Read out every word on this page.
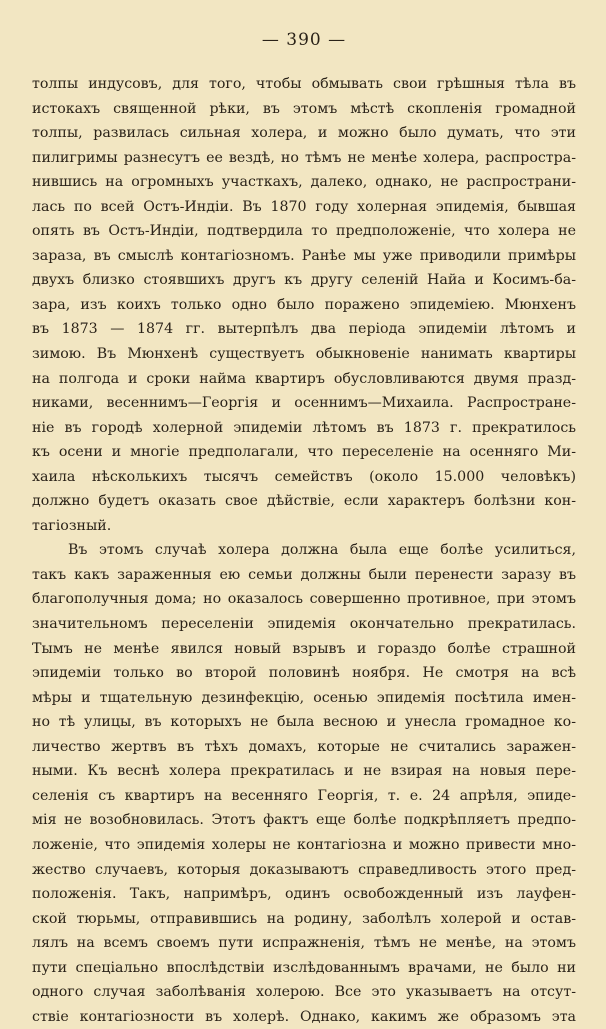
— 390 —
толпы индусовъ, для того, чтобы обмывать свои грѣшныя тѣла въ
истокахъ священной рѣки, въ этомъ мѣстѣ скопленія громадной
толпы, развилась сильная холера, и можно было думать, что эти
пилигримы разнесутъ ее вездѣ, но тѣмъ не менѣе холера, распростра-
нившись на огромныхъ участкахъ, далеко, однако, не распространи-
лась по всей Остъ-Индіи. Въ 1870 году холерная эпидемія, бывшая
опять въ Остъ-Индіи, подтвердила то предположеніе, что холера не
зараза, въ смыслѣ контагіозномъ. Ранѣе мы уже приводили примѣры
двухъ близко стоявшихъ другъ къ другу селеній Найа и Косимъ-ба-
зара, изъ коихъ только одно было поражено эпидеміею. Мюнхенъ
въ 1873 — 1874 гг. вытерпѣлъ два періода эпидеміи лѣтомъ и
зимою. Въ Мюнхенѣ существуетъ обыкновеніе нанимать квартиры
на полгода и сроки найма квартиръ обусловливаются двумя празд-
никами, весеннимъ—Георгія и осеннимъ—Михаила. Распростране-
ніе въ городѣ холерной эпидеміи лѣтомъ въ 1873 г. прекратилось
къ осени и многіе предполагали, что переселеніе на осенняго Ми-
хаила нѣсколькихъ тысячъ семействъ (около 15.000 человѣкъ)
должно будетъ оказать свое дѣйствіе, если характеръ болѣзни кон-
тагіозный.
Въ этомъ случаѣ холера должна была еще болѣе усилиться,
такъ какъ зараженныя ею семьи должны были перенести заразу въ
благополучныя дома; но оказалось совершенно противное, при этомъ
значительномъ переселеніи эпидемія окончательно прекратилась.
Тымъ не менѣе явился новый взрывъ и гораздо болѣе страшной
эпидеміи только во второй половинѣ ноября. Не смотря на всѣ
мѣры и тщательную дезинфекцію, осенью эпидемія посѣтила имен-
но тѣ улицы, въ которыхъ не была весною и унесла громадное ко-
личество жертвъ въ тѣхъ домахъ, которые не считались заражен-
ными. Къ веснѣ холера прекратилась и не взирая на новыя пере-
селенія съ квартиръ на весенняго Георгія, т. е. 24 апрѣля, эпиде-
мія не возобновилась. Этотъ фактъ еще болѣе подкрѣпляетъ предпо-
ложеніе, что эпидемія холеры не контагіозна и можно привести мно-
жество случаевъ, которыя доказываютъ справедливость этого пред-
положенія. Такъ, напримѣръ, одинъ освобожденный изъ лауфен-
ской тюрьмы, отправившись на родину, заболѣлъ холерой и остав-
лялъ на всемъ своемъ пути испражненія, тѣмъ не менѣе, на этомъ
пути спеціально впослѣдствіи изслѣдованнымъ врачами, не было ни
одного случая заболѣванія холерою. Все это указываетъ на отсут-
ствіе контагіозности въ холерѣ. Однако, какимъ же образомъ эта
